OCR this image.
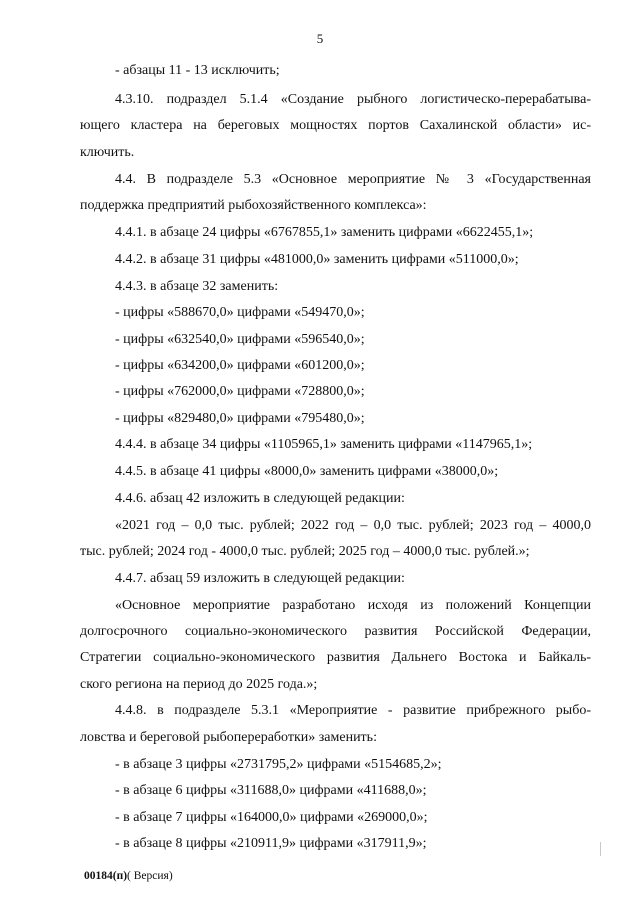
5
- абзацы 11 - 13 исключить;
4.3.10. подраздел 5.1.4 «Создание рыбного логистическо-перерабатыва-
ющего кластера на береговых мощностях портов Сахалинской области» ис-
ключить.
4.4. В подразделе 5.3 «Основное мероприятие № 3 «Государственная
поддержка предприятий рыбохозяйственного комплекса»:
4.4.1. в абзаце 24 цифры «6767855,1» заменить цифрами «6622455,1»;
4.4.2. в абзаце 31 цифры «481000,0» заменить цифрами «511000,0»;
4.4.3. в абзаце 32 заменить:
- цифры «588670,0» цифрами «549470,0»;
- цифры «632540,0» цифрами «596540,0»;
- цифры «634200,0» цифрами «601200,0»;
- цифры «762000,0» цифрами «728800,0»;
- цифры «829480,0» цифрами «795480,0»;
4.4.4. в абзаце 34 цифры «1105965,1» заменить цифрами «1147965,1»;
4.4.5. в абзаце 41 цифры «8000,0» заменить цифрами «38000,0»;
4.4.6. абзац 42 изложить в следующей редакции:
«2021 год – 0,0 тыс. рублей; 2022 год – 0,0 тыс. рублей; 2023 год – 4000,0
тыс. рублей; 2024 год - 4000,0 тыс. рублей; 2025 год – 4000,0 тыс. рублей.»;
4.4.7. абзац 59 изложить в следующей редакции:
«Основное мероприятие разработано исходя из положений Концепции
долгосрочного социально-экономического развития Российской Федерации,
Стратегии социально-экономического развития Дальнего Востока и Байкаль-
ского региона на период до 2025 года.»;
4.4.8. в подразделе 5.3.1 «Мероприятие - развитие прибрежного рыбо-
ловства и береговой рыбопереработки» заменить:
- в абзаце 3 цифры «2731795,2» цифрами «5154685,2»;
- в абзаце 6 цифры «311688,0» цифрами «411688,0»;
- в абзаце 7 цифры «164000,0» цифрами «269000,0»;
- в абзаце 8 цифры «210911,9» цифрами «317911,9»;
00184(п)( Версия)
